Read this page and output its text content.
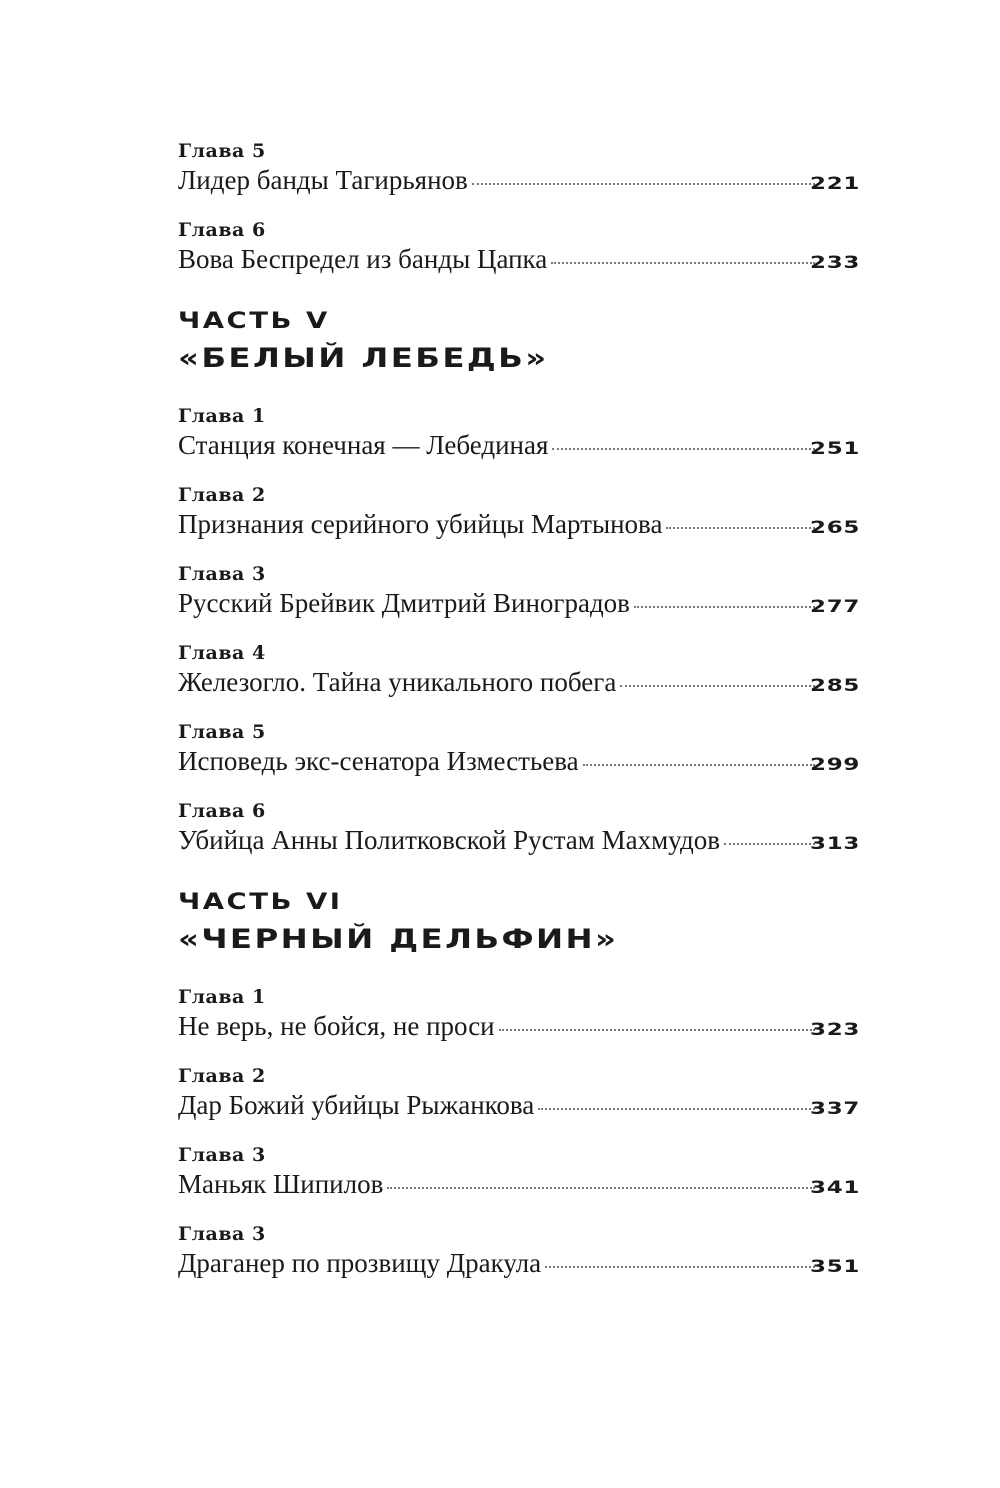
Глава 5
Лидер банды Тагирьянов	221
Глава 6
Вова Беспредел из банды Цапка	233
ЧАСТЬ V
«БЕЛЫЙ ЛЕБЕДЬ»
Глава 1
Станция конечная — Лебединая	251
Глава 2
Признания серийного убийцы Мартынова	265
Глава 3
Русский Брейвик Дмитрий Виноградов	277
Глава 4
Железогло. Тайна уникального побега	285
Глава 5
Исповедь экс-сенатора Изместьева	299
Глава 6
Убийца Анны Политковской Рустам Махмудов	313
ЧАСТЬ VI
«ЧЕРНЫЙ ДЕЛЬФИН»
Глава 1
Не верь, не бойся, не проси	323
Глава 2
Дар Божий убийцы Рыжанкова	337
Глава 3
Маньяк Шипилов	341
Глава 3
Драганер по прозвищу Дракула	351
